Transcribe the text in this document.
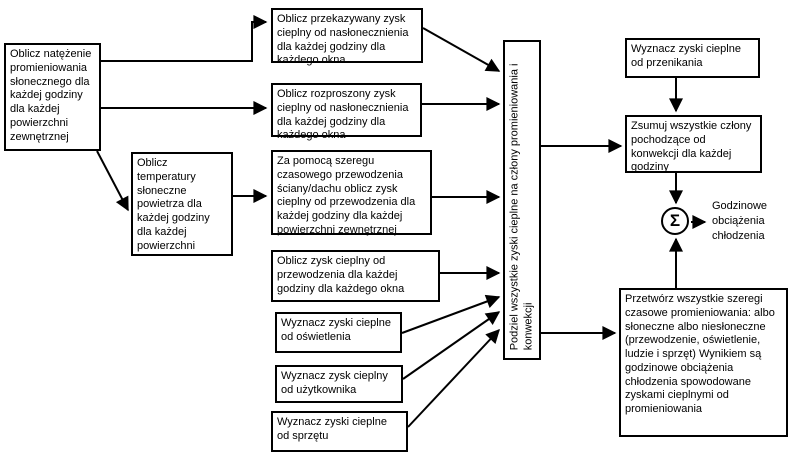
Oblicz natężenie promieniowania słonecznego dla każdej godziny dla każdej powierzchni zewnętrznej
Oblicz temperatury słoneczne powietrza dla każdej godziny dla każdej powierzchni
Oblicz przekazywany zysk cieplny od nasłonecznienia dla każdej godziny dla każdego okna
Oblicz rozproszony zysk cieplny od nasłonecznienia dla każdej godziny dla każdego okna
Za pomocą szeregu czasowego przewodzenia ściany/dachu oblicz zysk cieplny od przewodzenia dla każdej godziny dla każdej powierzchni zewnętrznej
Oblicz zysk cieplny od przewodzenia dla każdej godziny dla każdego okna
Wyznacz zyski cieplne od oświetlenia
Wyznacz zysk cieplny od użytkownika
Wyznacz zyski cieplne od sprzętu
Podziel wszystkie zyski cieplne na człony promieniowania i konwekcji
Wyznacz zyski cieplne od przenikania
Zsumuj wszystkie człony pochodzące od konwekcji dla każdej godziny
Σ
Godzinowe obciążenia chłodzenia
Przetwórz wszystkie szeregi czasowe promieniowania: albo słoneczne albo niesłoneczne (przewodzenie, oświetlenie, ludzie i sprzęt) Wynikiem są godzinowe obciążenia chłodzenia spowodowane zyskami cieplnymi od promieniowania
